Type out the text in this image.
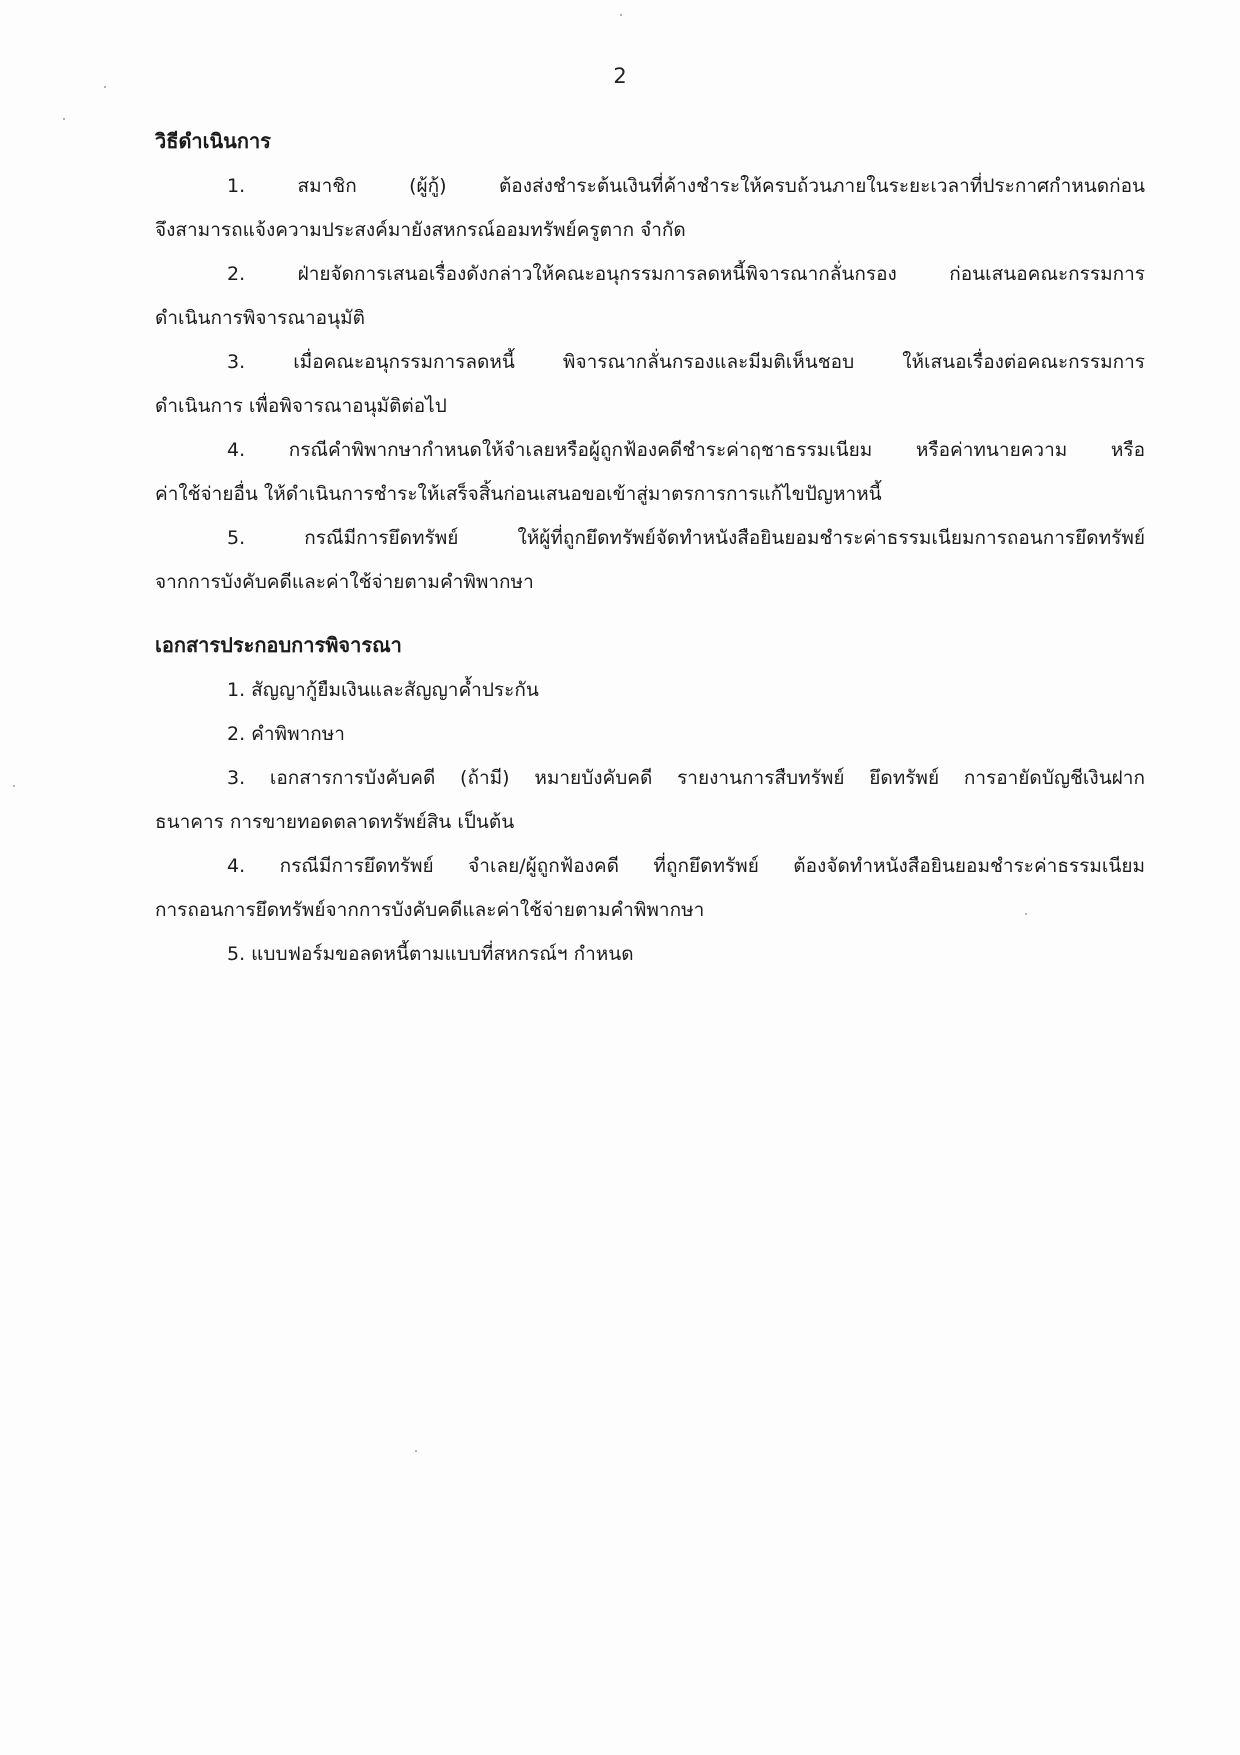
2
วิธีดำเนินการ

1. สมาชิก (ผู้กู้) ต้องส่งชำระต้นเงินที่ค้างชำระให้ครบถ้วนภายในระยะเวลาที่ประกาศกำหนดก่อน
จึงสามารถแจ้งความประสงค์มายังสหกรณ์ออมทรัพย์ครูตาก จำกัด

2. ฝ่ายจัดการเสนอเรื่องดังกล่าวให้คณะอนุกรรมการลดหนี้พิจารณากลั่นกรอง ก่อนเสนอคณะกรรมการ
ดำเนินการพิจารณาอนุมัติ

3. เมื่อคณะอนุกรรมการลดหนี้ พิจารณากลั่นกรองและมีมติเห็นชอบ ให้เสนอเรื่องต่อคณะกรรมการ
ดำเนินการ เพื่อพิจารณาอนุมัติต่อไป

4. กรณีคำพิพากษากำหนดให้จำเลยหรือผู้ถูกฟ้องคดีชำระค่าฤชาธรรมเนียม หรือค่าทนายความ หรือ
ค่าใช้จ่ายอื่น ให้ดำเนินการชำระให้เสร็จสิ้นก่อนเสนอขอเข้าสู่มาตรการการแก้ไขปัญหาหนี้

5. กรณีมีการยึดทรัพย์ ให้ผู้ที่ถูกยึดทรัพย์จัดทำหนังสือยินยอมชำระค่าธรรมเนียมการถอนการยึดทรัพย์
จากการบังคับคดีและค่าใช้จ่ายตามคำพิพากษา

เอกสารประกอบการพิจารณา

1. สัญญากู้ยืมเงินและสัญญาค้ำประกัน

2. คำพิพากษา

3. เอกสารการบังคับคดี (ถ้ามี) หมายบังคับคดี รายงานการสืบทรัพย์ ยึดทรัพย์ การอายัดบัญชีเงินฝาก
ธนาคาร การขายทอดตลาดทรัพย์สิน เป็นต้น

4. กรณีมีการยึดทรัพย์ จำเลย/ผู้ถูกฟ้องคดี ที่ถูกยึดทรัพย์ ต้องจัดทำหนังสือยินยอมชำระค่าธรรมเนียม
การถอนการยึดทรัพย์จากการบังคับคดีและค่าใช้จ่ายตามคำพิพากษา

5. แบบฟอร์มขอลดหนี้ตามแบบที่สหกรณ์ฯ กำหนด
